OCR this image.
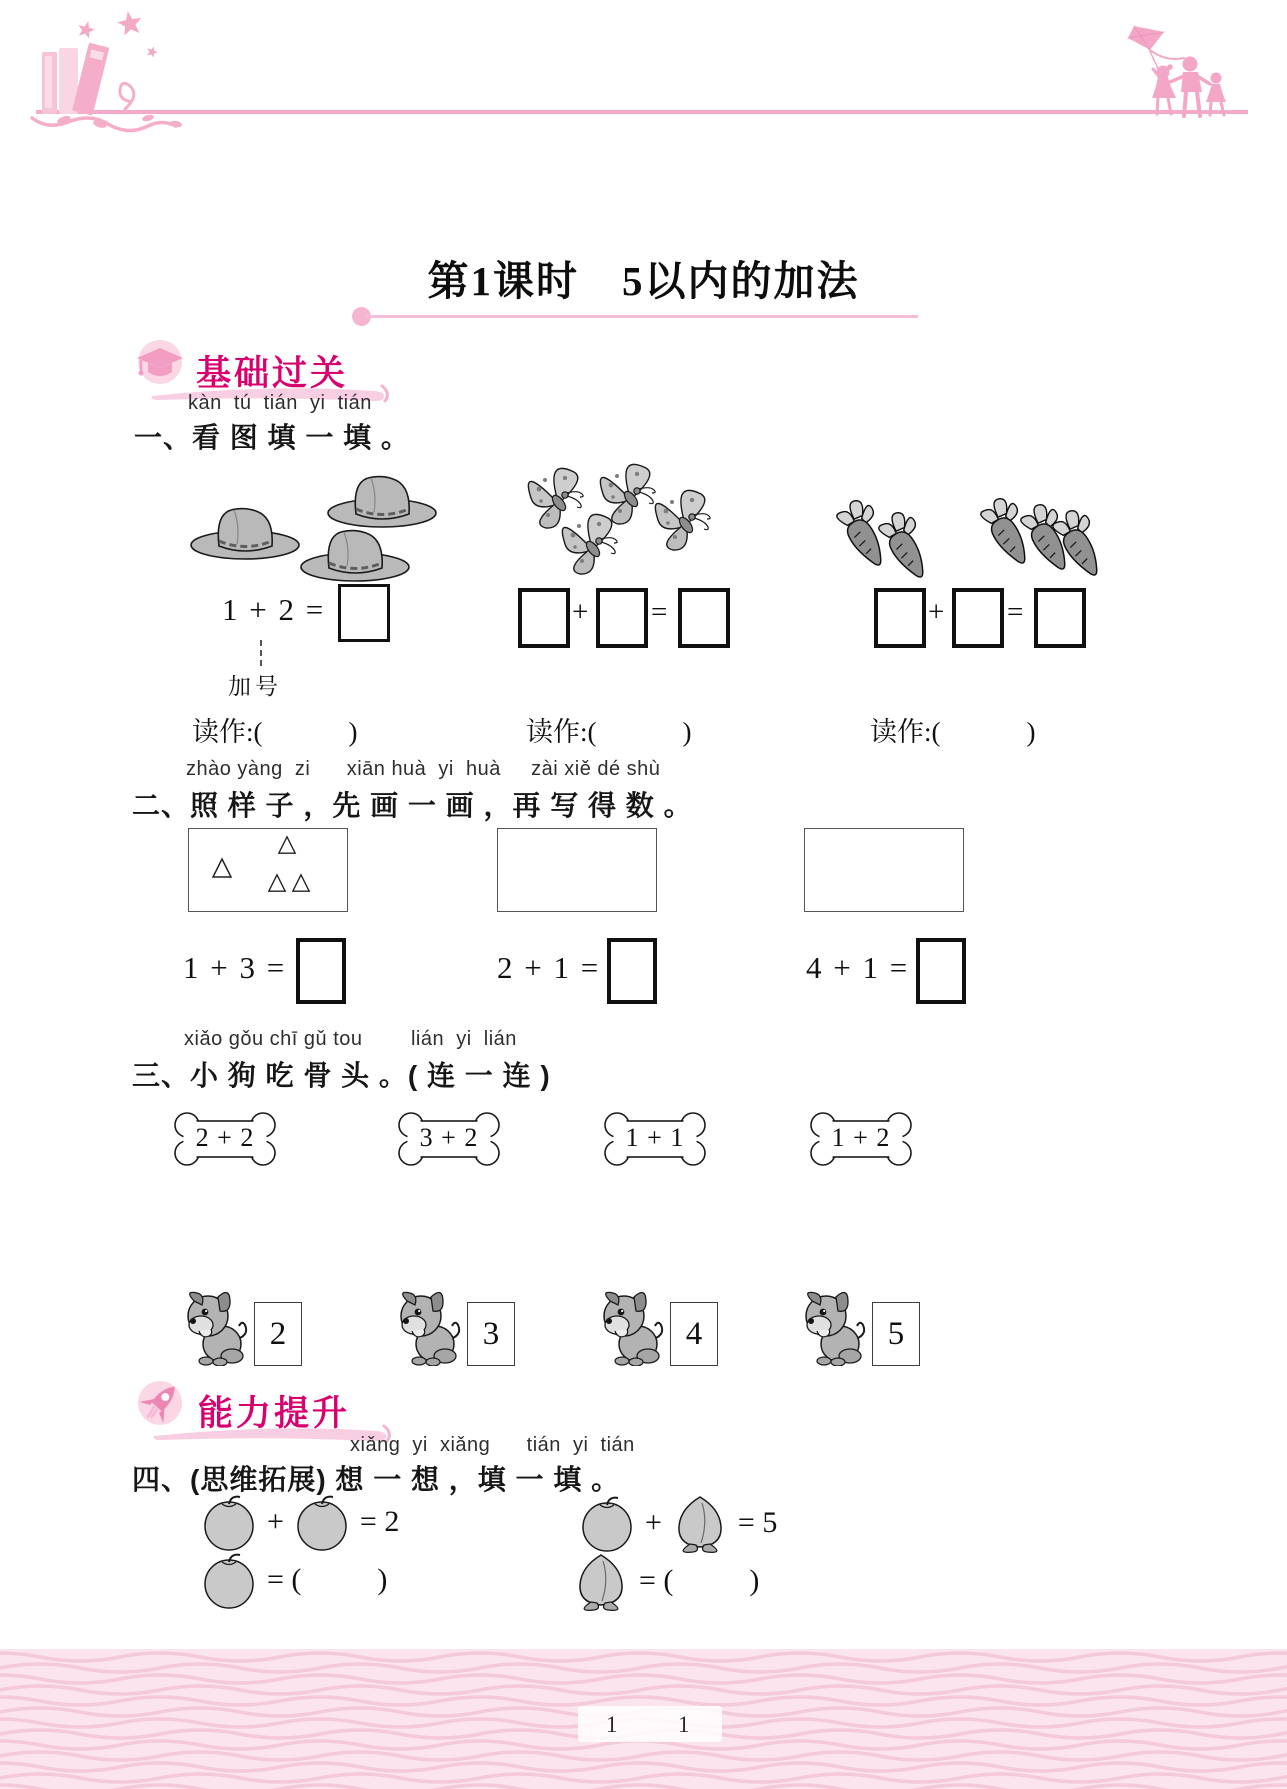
第1课时　5以内的加法
基础过关
kàn  tú  tián  yi  tián
一、看 图 填 一 填 。
1 + 2 =
加号
+ =	+ =
读作:(	)	读作:(	)	读作:(	)
zhào yàng  zi      xiān huà  yi  huà     zài xiě dé shù
二、照 样 子 ，先 画 一 画 ，再 写 得 数 。
1 + 3 =	2 + 1 =	4 + 1 =
xiǎo gǒu chī gǔ tou        lián  yi  lián
三、小 狗 吃 骨 头 。( 连 一 连 )
2 + 2	3 + 2	1 + 1	1 + 2
2	3	4	5
能力提升
xiǎng  yi  xiǎng      tián  yi  tián
四、(思维拓展) 想 一 想 ，填 一 填 。
+	= 2	+	= 5
= (	)	= (	)
1	1
